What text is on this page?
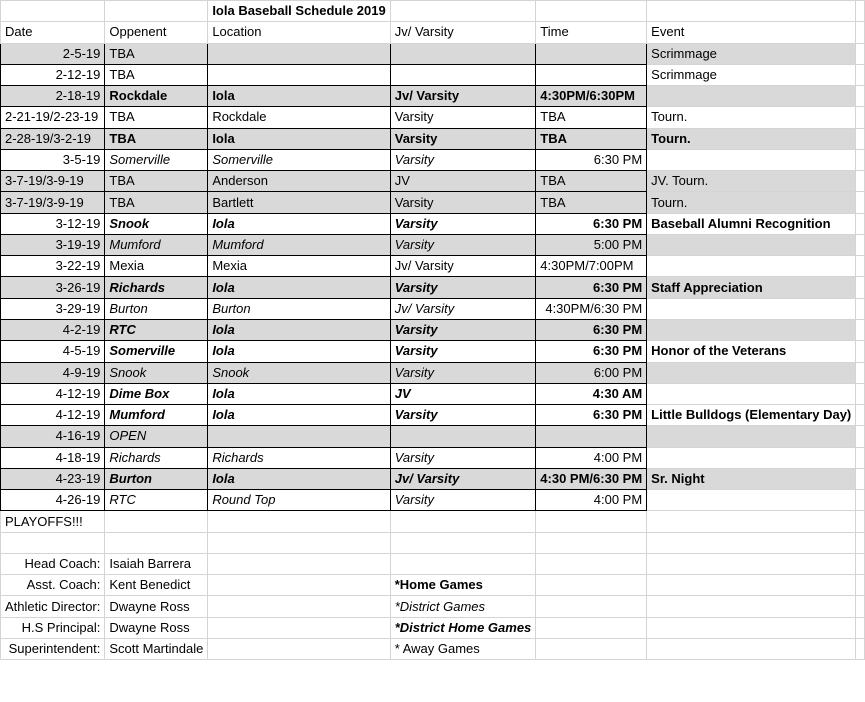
		Iola Baseball Schedule 2019				
Date	Oppenent	Location	Jv/ Varsity	Time	Event	
2-5-19	TBA				Scrimmage	
2-12-19	TBA				Scrimmage	
2-18-19	Rockdale	Iola	Jv/ Varsity	4:30PM/6:30PM		
2-21-19/2-23-19	TBA	Rockdale	Varsity	TBA	Tourn.	
2-28-19/3-2-19	TBA	Iola	Varsity	TBA	Tourn.	
3-5-19	Somerville	Somerville	Varsity	6:30 PM		
3-7-19/3-9-19	TBA	Anderson	JV	TBA	JV. Tourn.	
3-7-19/3-9-19	TBA	Bartlett	Varsity	TBA	Tourn.	
3-12-19	Snook	Iola	Varsity	6:30 PM	Baseball Alumni Recognition	
3-19-19	Mumford	Mumford	Varsity	5:00 PM		
3-22-19	Mexia	Mexia	Jv/ Varsity	4:30PM/7:00PM		
3-26-19	Richards	Iola	Varsity	6:30 PM	Staff Appreciation	
3-29-19	Burton	Burton	Jv/ Varsity	4:30PM/6:30 PM		
4-2-19	RTC	Iola	Varsity	6:30 PM		
4-5-19	Somerville	Iola	Varsity	6:30 PM	Honor of the Veterans	
4-9-19	Snook	Snook	Varsity	6:00 PM		
4-12-19	Dime Box	Iola	JV	4:30 AM		
4-12-19	Mumford	Iola	Varsity	6:30 PM	Little Bulldogs (Elementary Day)	
4-16-19	OPEN					
4-18-19	Richards	Richards	Varsity	4:00 PM		
4-23-19	Burton	Iola	Jv/ Varsity	4:30 PM/6:30 PM	Sr. Night	
4-26-19	RTC	Round Top	Varsity	4:00 PM		
PLAYOFFS!!!						

Head Coach:	Isaiah Barrera					
Asst. Coach:	Kent Benedict		*Home Games			
Athletic Director:	Dwayne Ross		*District Games			
H.S Principal:	Dwayne Ross		*District Home Games			
Superintendent:	Scott Martindale		* Away Games			
